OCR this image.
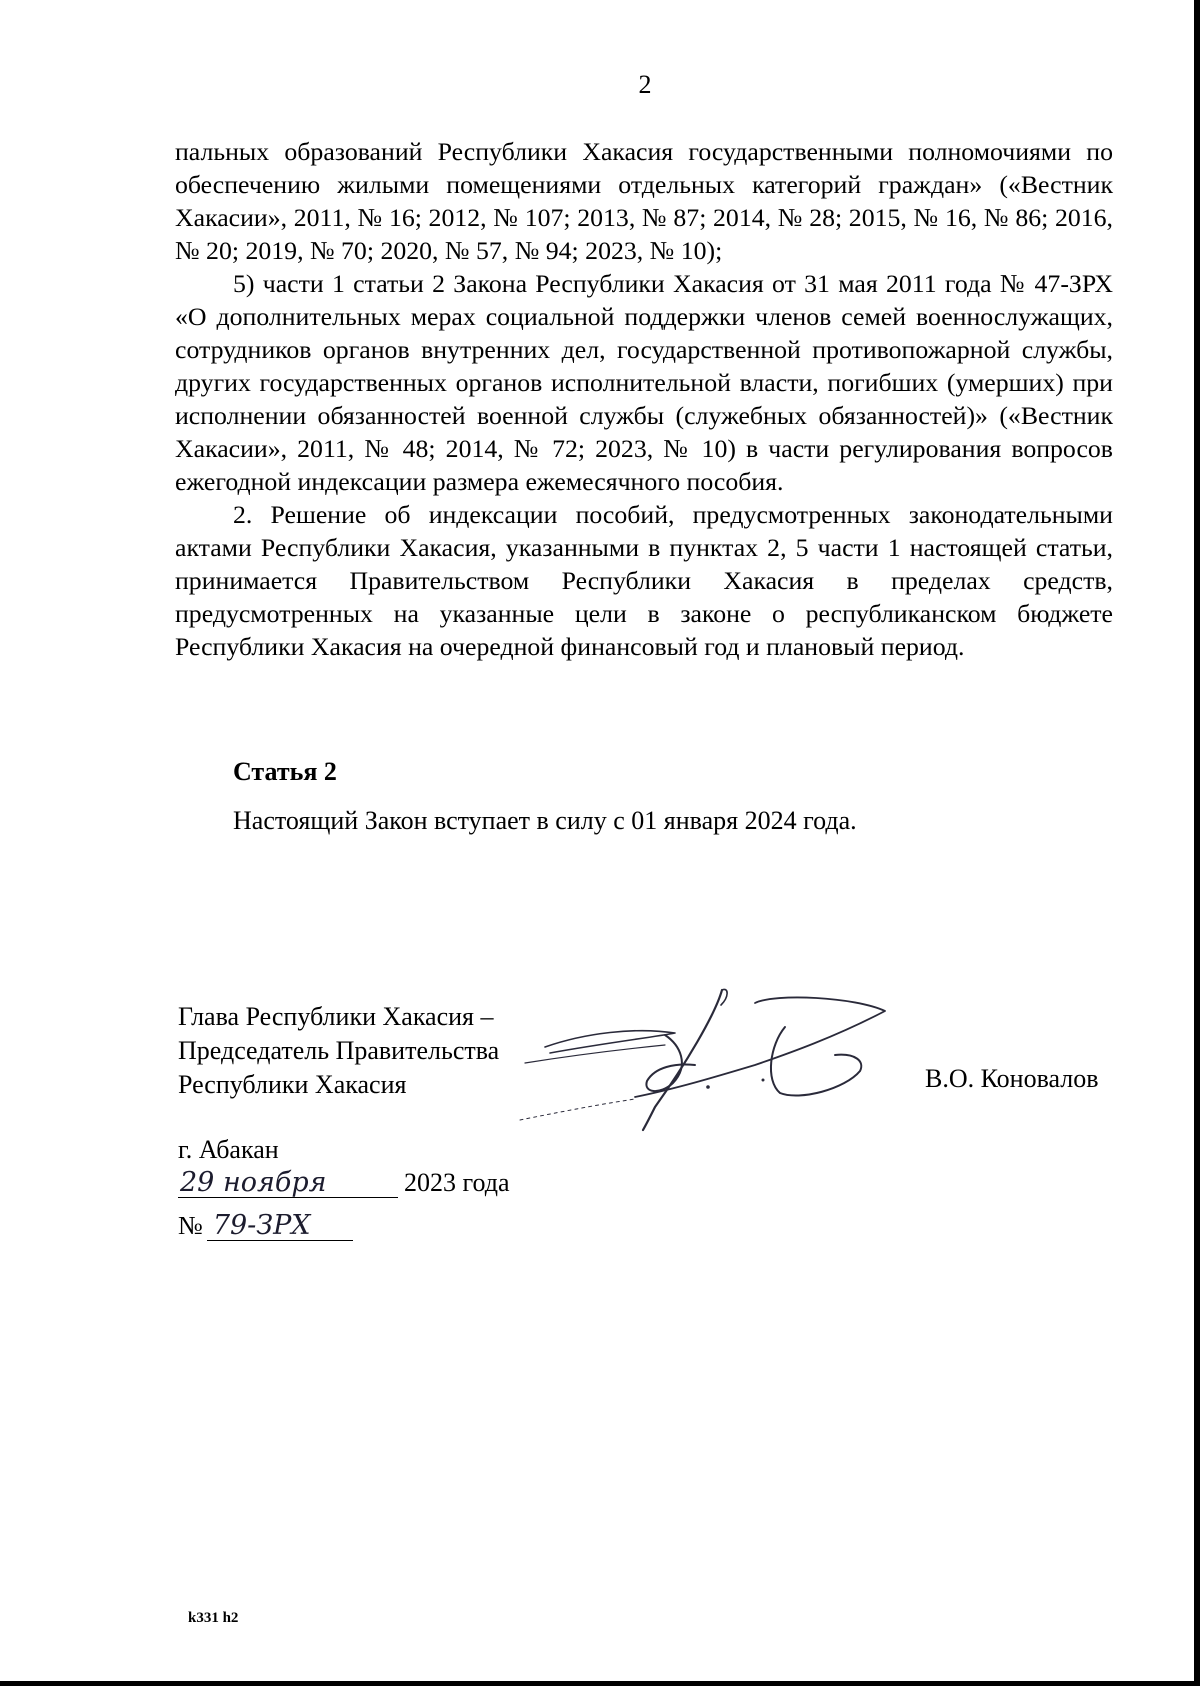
2

пальных образований Республики Хакасия государственными полномочиями по обеспечению жилыми помещениями отдельных категорий граждан» («Вестник Хакасии», 2011, № 16; 2012, № 107; 2013, № 87; 2014, № 28; 2015, № 16, № 86; 2016, № 20; 2019, № 70; 2020, № 57, № 94; 2023, № 10);

5) части 1 статьи 2 Закона Республики Хакасия от 31 мая 2011 года № 47-ЗРХ «О дополнительных мерах социальной поддержки членов семей военнослужащих, сотрудников органов внутренних дел, государственной противопожарной службы, других государственных органов исполнительной власти, погибших (умерших) при исполнении обязанностей военной службы (служебных обязанностей)» («Вестник Хакасии», 2011, № 48; 2014, № 72; 2023, № 10) в части регулирования вопросов ежегодной индексации размера ежемесячного пособия.

2. Решение об индексации пособий, предусмотренных законодательными актами Республики Хакасия, указанными в пунктах 2, 5 части 1 настоящей статьи, принимается Правительством Республики Хакасия в пределах средств, предусмотренных на указанные цели в законе о республиканском бюджете Республики Хакасия на очередной финансовый год и плановый период.

Статья 2
Настоящий Закон вступает в силу с 01 января 2024 года.
Глава Республики Хакасия –
Председатель Правительства
Республики Хакасия	В.О. Коновалов
г. Абакан
29 ноября	2023 года
№ 79-ЗРХ
k331 h2
